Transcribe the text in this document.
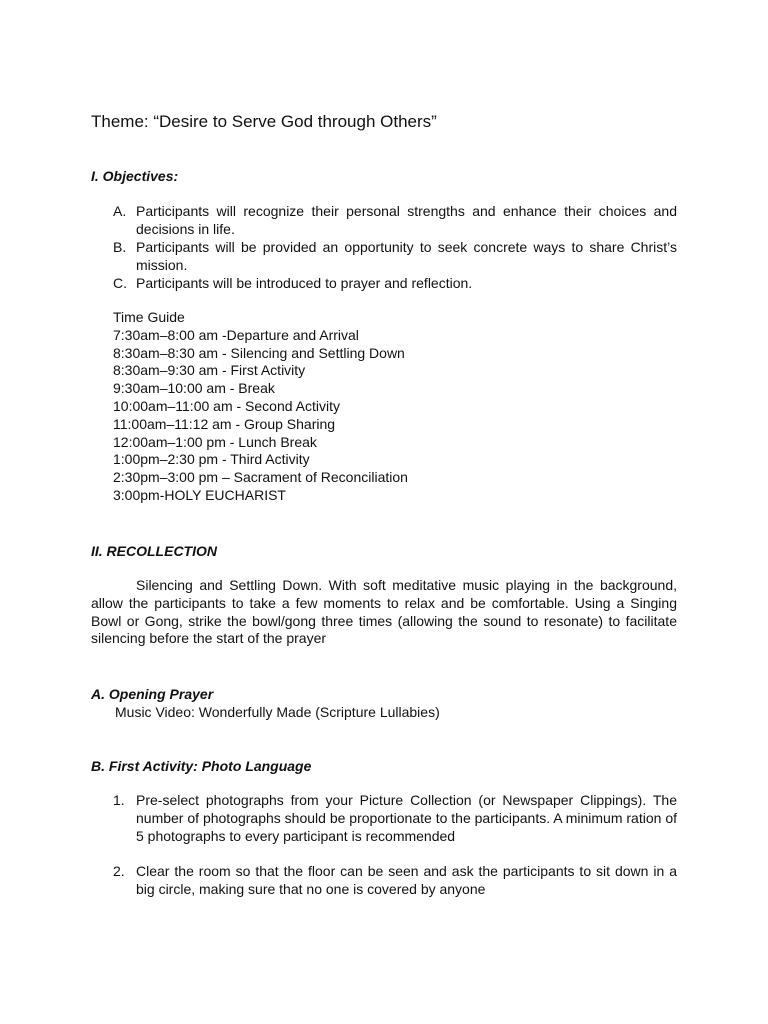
Theme: “Desire to Serve God through Others”

I. Objectives:

A. Participants will recognize their personal strengths and enhance their choices and decisions in life.
B. Participants will be provided an opportunity to seek concrete ways to share Christ’s mission.
C. Participants will be introduced to prayer and reflection.
Time Guide
7:30am–8:00 am -Departure and Arrival
8:30am–8:30 am - Silencing and Settling Down
8:30am–9:30 am - First Activity
9:30am–10:00 am - Break
10:00am–11:00 am - Second Activity
11:00am–11:12 am - Group Sharing
12:00am–1:00 pm - Lunch Break
1:00pm–2:30 pm - Third Activity
2:30pm–3:00 pm – Sacrament of Reconciliation
3:00pm-HOLY EUCHARIST

II. RECOLLECTION

Silencing and Settling Down. With soft meditative music playing in the background, allow the participants to take a few moments to relax and be comfortable. Using a Singing Bowl or Gong, strike the bowl/gong three times (allowing the sound to resonate) to facilitate silencing before the start of the prayer

A. Opening Prayer

Music Video: Wonderfully Made (Scripture Lullabies)

B. First Activity: Photo Language

1. Pre-select photographs from your Picture Collection (or Newspaper Clippings). The number of photographs should be proportionate to the participants. A minimum ration of 5 photographs to every participant is recommended
2. Clear the room so that the floor can be seen and ask the participants to sit down in a big circle, making sure that no one is covered by anyone
